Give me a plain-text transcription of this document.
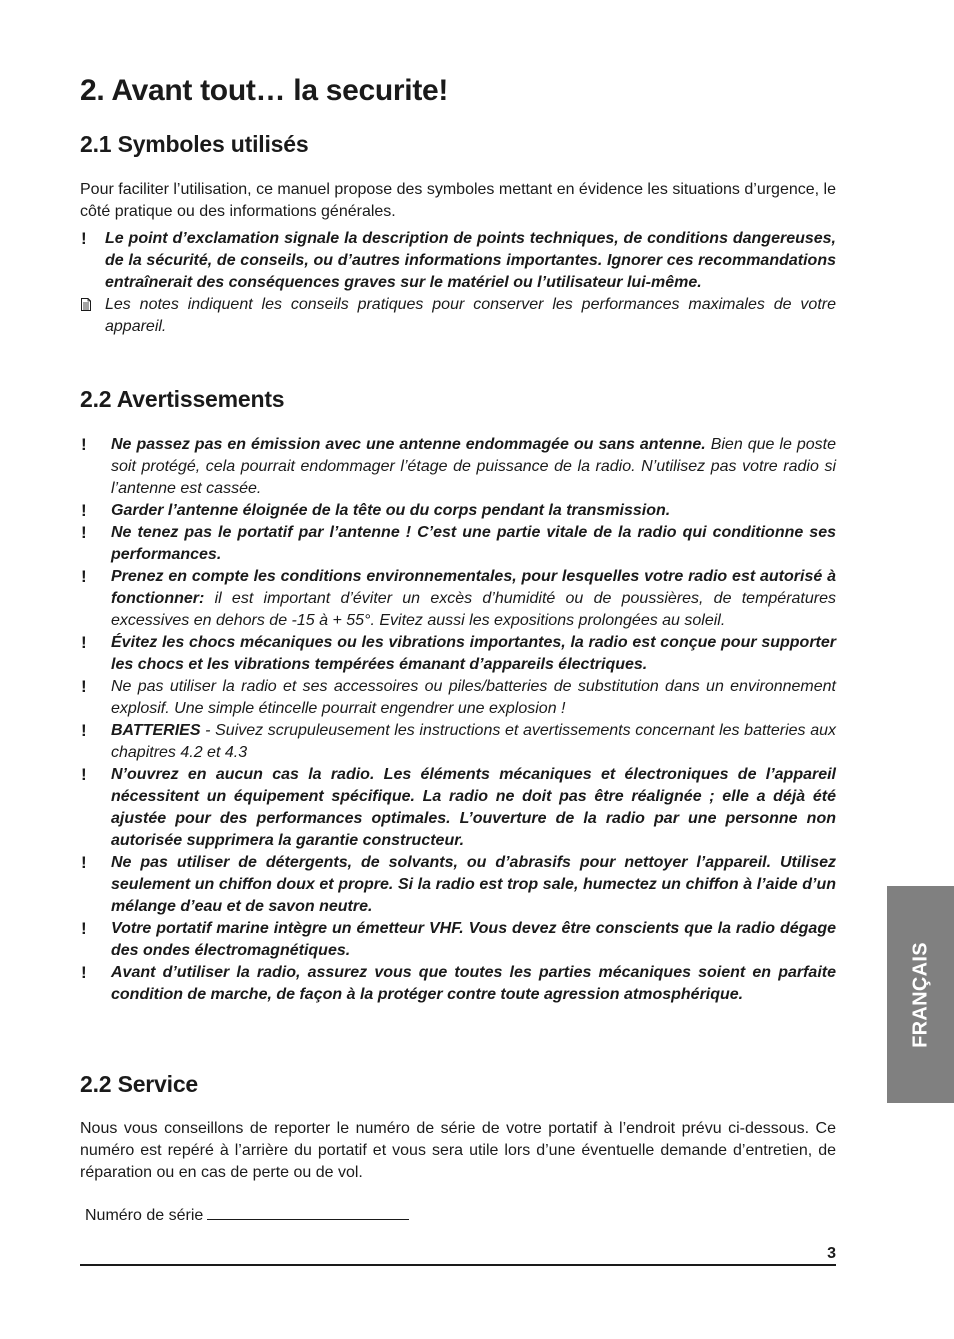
2. Avant tout… la securite!
2.1 Symboles utilisés

Pour faciliter l’utilisation, ce manuel propose des symboles mettant en évidence les situations d’urgence, le côté pratique ou des informations générales.

! Le point d’exclamation signale la description de points techniques, de conditions dangereuses, de la sécurité, de conseils, ou d’autres informations importantes. Ignorer ces recommandations entraînerait des conséquences graves sur le matériel ou l’utilisateur lui-même.
Les notes indiquent les conseils pratiques pour conserver les performances maximales de votre appareil.
2.2 Avertissements
! Ne passez pas en émission avec une antenne endommagée ou sans antenne. Bien que le poste soit protégé, cela pourrait endommager l’étage de puissance de la radio. N’utilisez pas votre radio si l’antenne est cassée.
! Garder l’antenne éloignée de la tête ou du corps pendant la transmission.
! Ne tenez pas le portatif par l’antenne ! C’est une partie vitale de la radio qui conditionne ses performances.
! Prenez en compte les conditions environnementales, pour lesquelles votre radio est autorisé à fonctionner: il est important d’éviter un excès d’humidité ou de poussières, de températures excessives en dehors de -15 à + 55°. Evitez aussi les expositions prolongées au soleil.
! Évitez les chocs mécaniques ou les vibrations importantes, la radio est conçue pour supporter les chocs et les vibrations tempérées émanant d’appareils électriques.
! Ne pas utiliser la radio et ses accessoires ou piles/batteries de substitution dans un environnement explosif. Une simple étincelle pourrait engendrer une explosion !
! BATTERIES - Suivez scrupuleusement les instructions et avertissements concernant les batteries aux chapitres 4.2 et 4.3
! N’ouvrez en aucun cas la radio. Les éléments mécaniques et électroniques de l’appareil nécessitent un équipement spécifique. La radio ne doit pas être réalignée ; elle a déjà été ajustée pour des performances optimales. L’ouverture de la radio par une personne non autorisée supprimera la garantie constructeur.
! Ne pas utiliser de détergents, de solvants, ou d’abrasifs pour nettoyer l’appareil. Utilisez seulement un chiffon doux et propre. Si la radio est trop sale, humectez un chiffon à l’aide d’un mélange d’eau et de savon neutre.
! Votre portatif marine intègre un émetteur VHF. Vous devez être conscients que la radio dégage des ondes électromagnétiques.
! Avant d’utiliser la radio, assurez vous que toutes les parties mécaniques soient en parfaite condition de marche, de façon à la protéger contre toute agression atmosphérique.
2.2 Service

Nous vous conseillons de reporter le numéro de série de votre portatif à l’endroit prévu ci-dessous. Ce numéro est repéré à l’arrière du portatif et vous sera utile lors d’une éventuelle demande d’entretien, de réparation ou en cas de perte ou de vol.

Numéro de série
3
FRANÇAIS
